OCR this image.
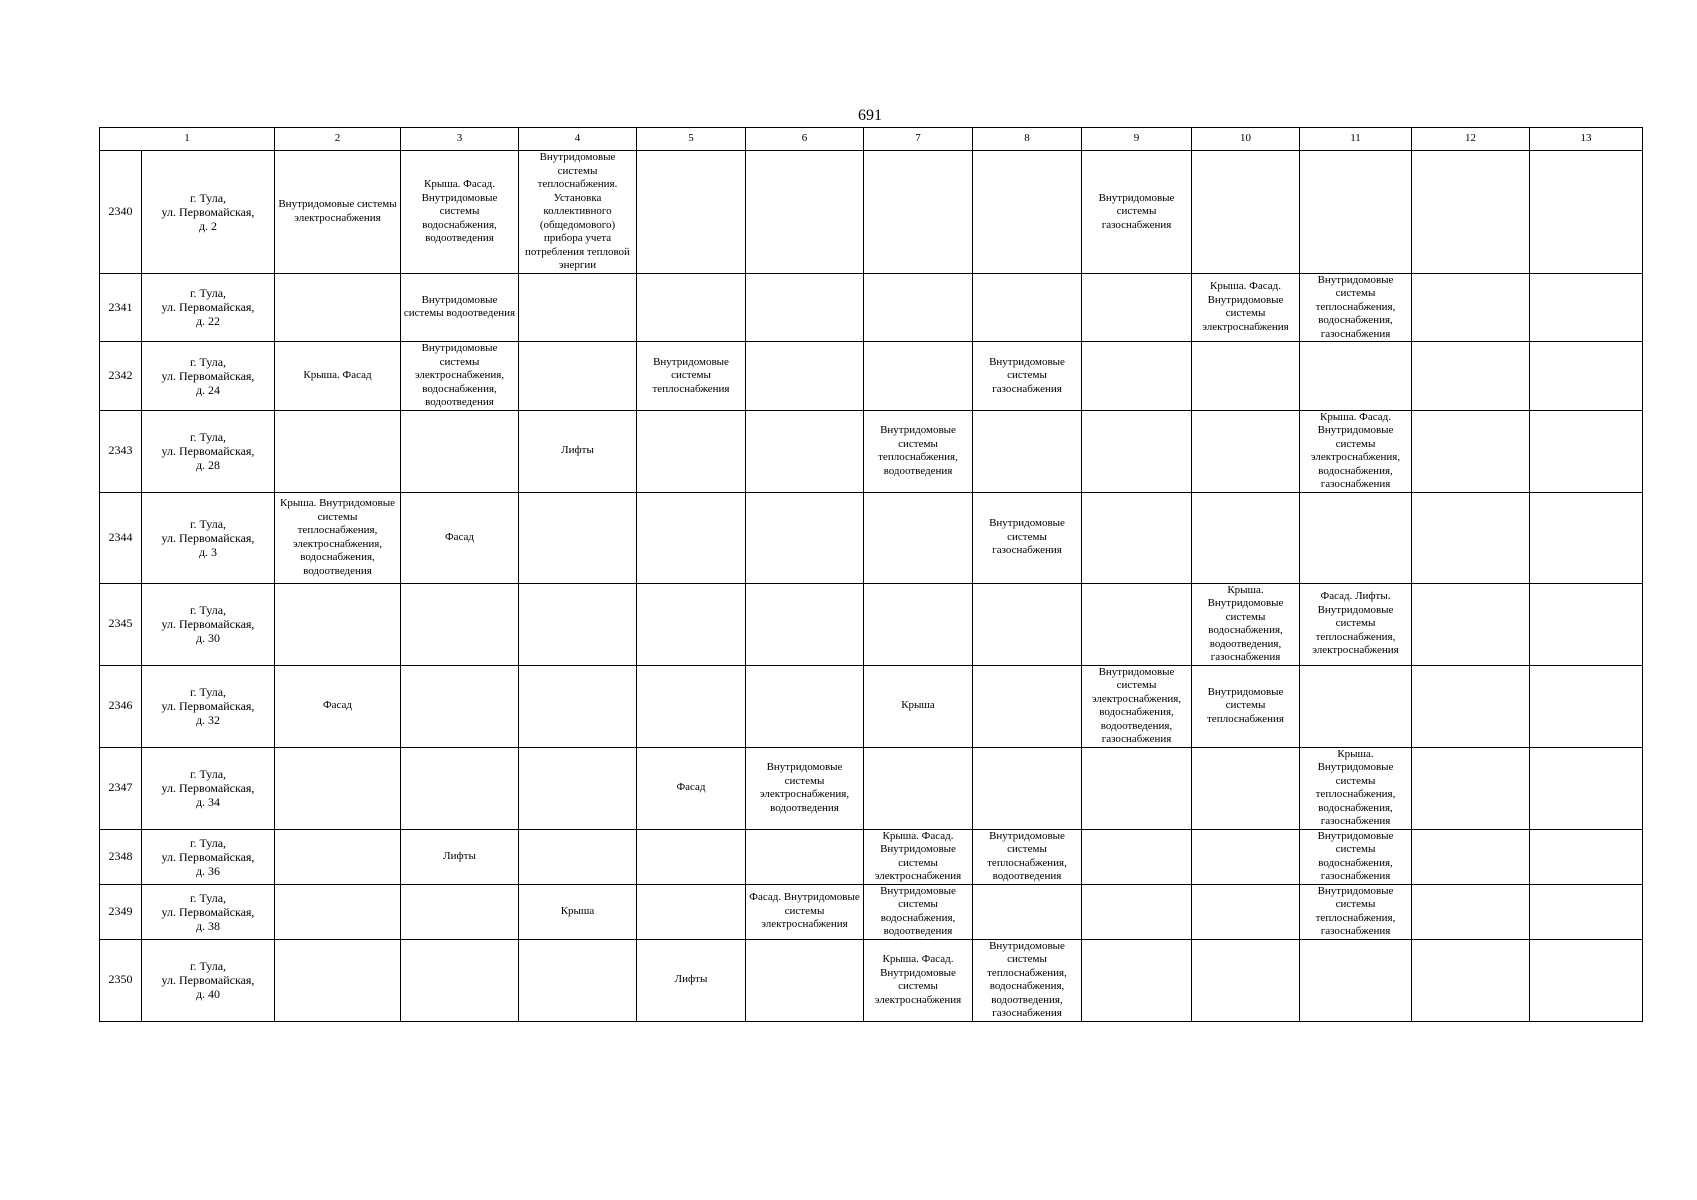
691
1		2	3	4	5	6	7	8	9	10	11	12	13
2340	г. Тула,
ул. Первомайская,
д. 2	Внутридомовые системы электроснабжения	Крыша. Фасад. Внутридомовые системы водоснабжения, водоотведения	Внутридомовые системы теплоснабжения. Установка коллективного (общедомового) прибора учета потребления тепловой энергии					Внутридомовые системы газоснабжения				
2341	г. Тула,
ул. Первомайская,
д. 22		Внутридомовые системы водоотведения							Крыша. Фасад. Внутридомовые системы электроснабжения	Внутридомовые системы теплоснабжения, водоснабжения, газоснабжения		
2342	г. Тула,
ул. Первомайская,
д. 24	Крыша. Фасад	Внутридомовые системы электроснабжения, водоснабжения, водоотведения		Внутридомовые системы теплоснабжения			Внутридомовые системы газоснабжения					
2343	г. Тула,
ул. Первомайская,
д. 28			Лифты			Внутридомовые системы теплоснабжения, водоотведения				Крыша. Фасад. Внутридомовые системы электроснабжения, водоснабжения, газоснабжения		
2344	г. Тула,
ул. Первомайская,
д. 3	Крыша. Внутридомовые системы теплоснабжения, электроснабжения, водоснабжения, водоотведения	Фасад					Внутридомовые системы газоснабжения					
2345	г. Тула,
ул. Первомайская,
д. 30									Крыша. Внутридомовые системы водоснабжения, водоотведения, газоснабжения	Фасад. Лифты. Внутридомовые системы теплоснабжения, электроснабжения		
2346	г. Тула,
ул. Первомайская,
д. 32	Фасад					Крыша		Внутридомовые системы электроснабжения, водоснабжения, водоотведения, газоснабжения	Внутридомовые системы теплоснабжения			
2347	г. Тула,
ул. Первомайская,
д. 34				Фасад	Внутридомовые системы электроснабжения, водоотведения					Крыша. Внутридомовые системы теплоснабжения, водоснабжения, газоснабжения		
2348	г. Тула,
ул. Первомайская,
д. 36		Лифты				Крыша. Фасад. Внутридомовые системы электроснабжения	Внутридомовые системы теплоснабжения, водоотведения			Внутридомовые системы водоснабжения, газоснабжения		
2349	г. Тула,
ул. Первомайская,
д. 38			Крыша		Фасад. Внутридомовые системы электроснабжения	Внутридомовые системы водоснабжения, водоотведения				Внутридомовые системы теплоснабжения, газоснабжения		
2350	г. Тула,
ул. Первомайская,
д. 40				Лифты		Крыша. Фасад. Внутридомовые системы электроснабжения	Внутридомовые системы теплоснабжения, водоснабжения, водоотведения, газоснабжения					
